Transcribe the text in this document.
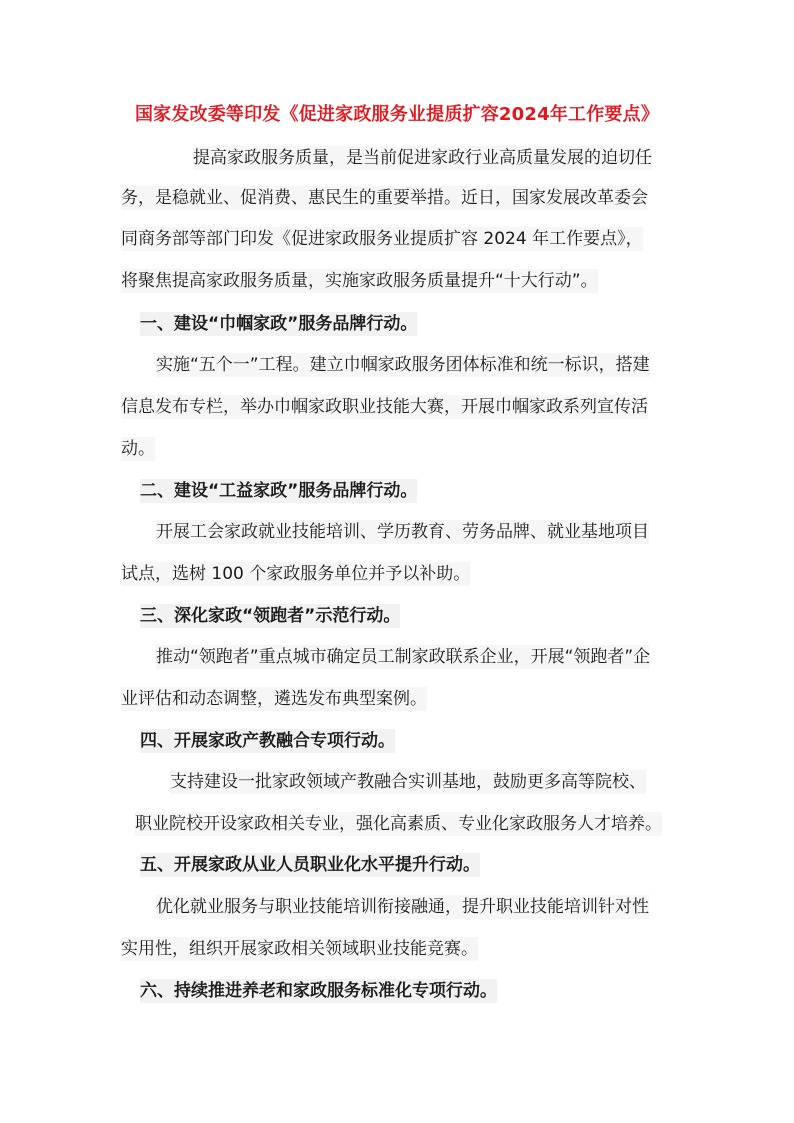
国家发改委等印发《促进家政服务业提质扩容2024年工作要点》
提高家政服务质量，是当前促进家政行业高质量发展的迫切任
务，是稳就业、促消费、惠民生的重要举措。近日，国家发展改革委会
同商务部等部门印发《促进家政服务业提质扩容 2024 年工作要点》，
将聚焦提高家政服务质量，实施家政服务质量提升“十大行动”。
一、建设“巾帼家政”服务品牌行动。
实施“五个一”工程。建立巾帼家政服务团体标准和统一标识，搭建
信息发布专栏，举办巾帼家政职业技能大赛，开展巾帼家政系列宣传活
动。
二、建设“工益家政”服务品牌行动。
开展工会家政就业技能培训、学历教育、劳务品牌、就业基地项目
试点，选树 100 个家政服务单位并予以补助。
三、深化家政“领跑者”示范行动。
推动“领跑者”重点城市确定员工制家政联系企业，开展“领跑者”企
业评估和动态调整，遴选发布典型案例。
四、开展家政产教融合专项行动。
支持建设一批家政领域产教融合实训基地，鼓励更多高等院校、
职业院校开设家政相关专业，强化高素质、专业化家政服务人才培养。
五、开展家政从业人员职业化水平提升行动。
优化就业服务与职业技能培训衔接融通，提升职业技能培训针对性
实用性，组织开展家政相关领域职业技能竞赛。
六、持续推进养老和家政服务标准化专项行动。
